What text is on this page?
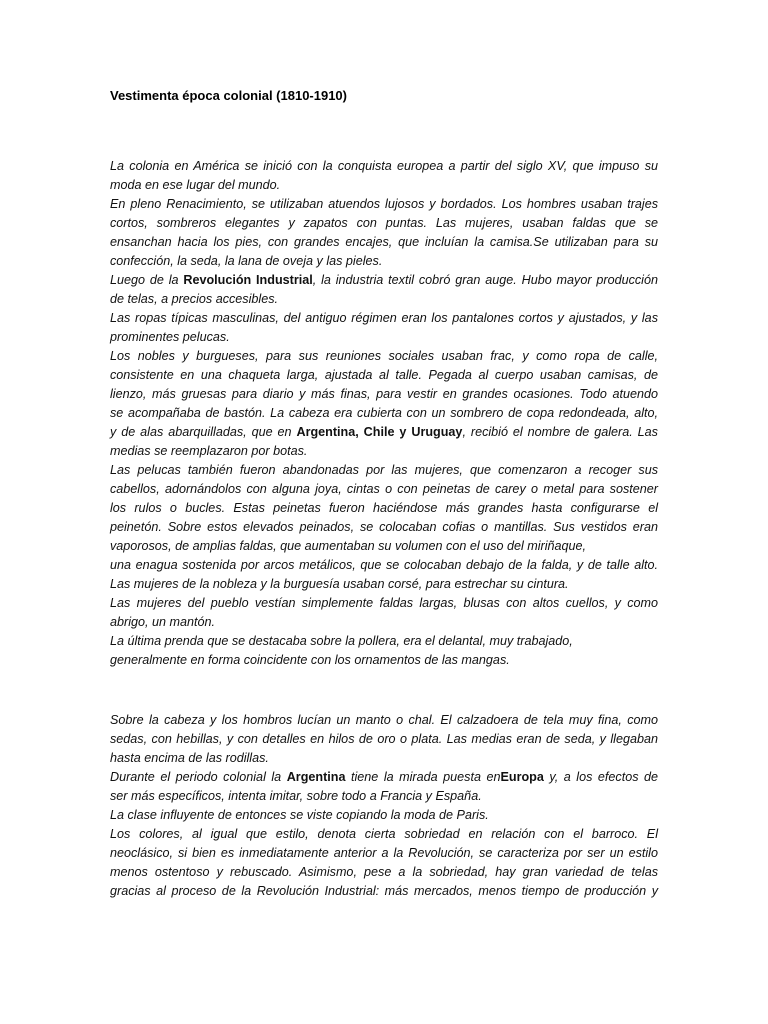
Vestimenta época colonial (1810-1910)
La colonia en América se inició con la conquista europea a partir del siglo XV, que impuso su
moda en ese lugar del mundo.
En pleno Renacimiento, se utilizaban atuendos lujosos y bordados. Los hombres usaban trajes
cortos, sombreros elegantes y zapatos con puntas. Las mujeres, usaban faldas que se
ensanchan hacia los pies, con grandes encajes, que incluían la camisa.Se utilizaban para su
confección, la seda, la lana de oveja y las pieles.
Luego de la Revolución Industrial, la industria textil cobró gran auge. Hubo mayor producción
de telas, a precios accesibles.
Las ropas típicas masculinas, del antiguo régimen eran los pantalones cortos y ajustados, y las
prominentes pelucas.
Los nobles y burgueses, para sus reuniones sociales usaban frac, y como ropa de calle,
consistente en una chaqueta larga, ajustada al talle. Pegada al cuerpo usaban camisas, de
lienzo, más gruesas para diario y más finas, para vestir en grandes ocasiones. Todo atuendo
se acompañaba de bastón. La cabeza era cubierta con un sombrero de copa redondeada, alto,
y de alas abarquilladas, que en Argentina, Chile y Uruguay, recibió el nombre de galera. Las
medias se reemplazaron por botas.
Las pelucas también fueron abandonadas por las mujeres, que comenzaron a recoger sus
cabellos, adornándolos con alguna joya, cintas o con peinetas de carey o metal para sostener
los rulos o bucles. Estas peinetas fueron haciéndose más grandes hasta configurarse el
peinetón. Sobre estos elevados peinados, se colocaban cofias o mantillas. Sus vestidos eran
vaporosos, de amplias faldas, que aumentaban su volumen con el uso del miriñaque,
una enagua sostenida por arcos metálicos, que se colocaban debajo de la falda, y de talle alto.
Las mujeres de la nobleza y la burguesía usaban corsé, para estrechar su cintura.
Las mujeres del pueblo vestían simplemente faldas largas, blusas con altos cuellos, y como
abrigo, un mantón.
La última prenda que se destacaba sobre la pollera, era el delantal, muy trabajado,
generalmente en forma coincidente con los ornamentos de las mangas.
Sobre la cabeza y los hombros lucían un manto o chal. El calzadoera de tela muy fina, como
sedas, con hebillas, y con detalles en hilos de oro o plata. Las medias eran de seda, y llegaban
hasta encima de las rodillas.
Durante el periodo colonial la Argentina tiene la mirada puesta enEuropa y, a los efectos de
ser más específicos, intenta imitar, sobre todo a Francia y España.
La clase influyente de entonces se viste copiando la moda de Paris.
Los colores, al igual que estilo, denota cierta sobriedad en relación con el barroco. El
neoclásico, si bien es inmediatamente anterior a la Revolución, se caracteriza por ser un estilo
menos ostentoso y rebuscado. Asimismo, pese a la sobriedad, hay gran variedad de telas
gracias al proceso de la Revolución Industrial: más mercados, menos tiempo de producción y
